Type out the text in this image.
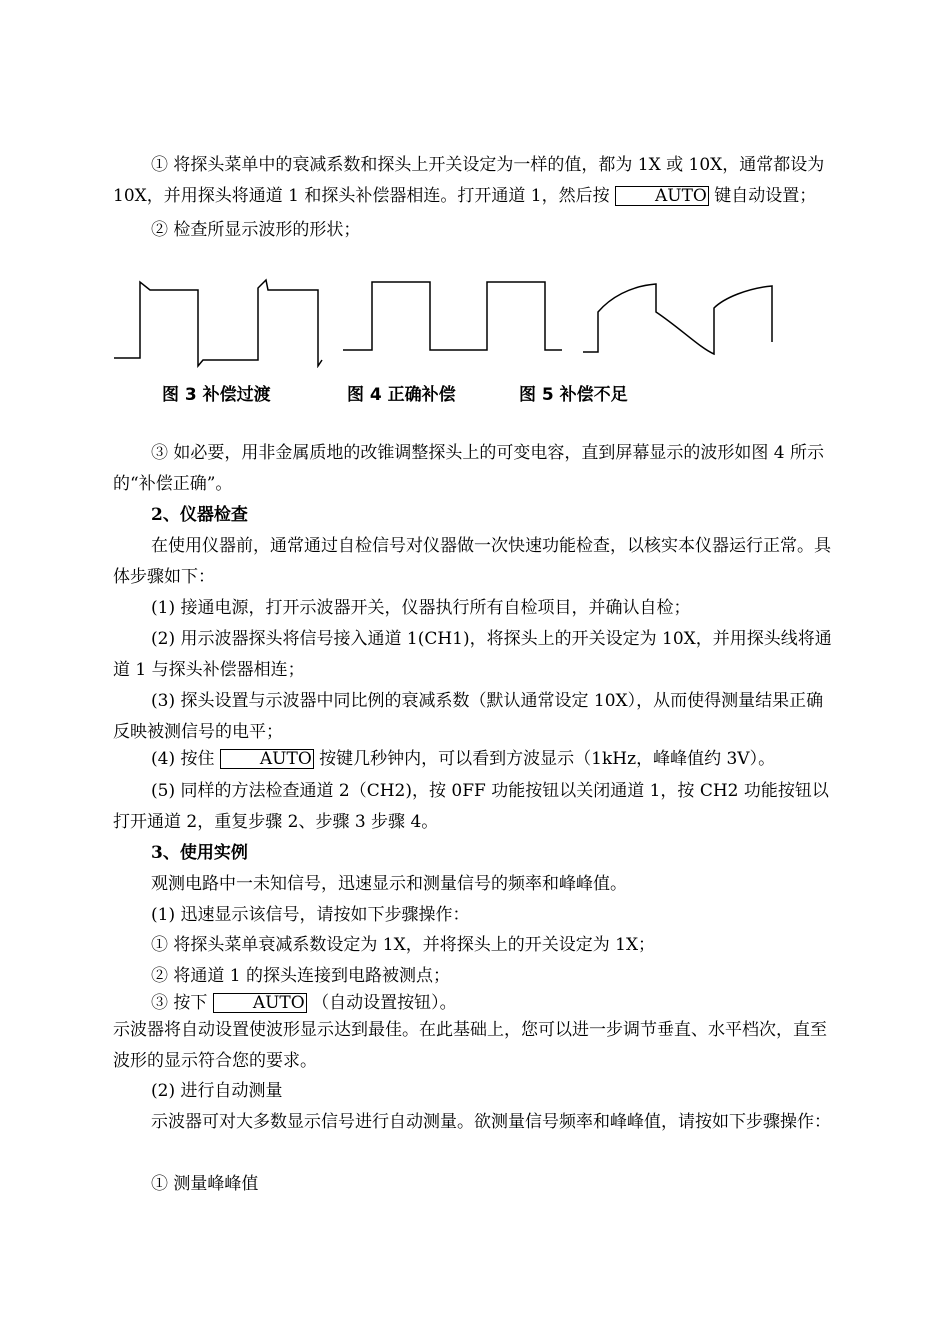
① 将探头菜单中的衰减系数和探头上开关设定为一样的值，都为 1X 或 10X，通常都设为 10X，并用探头将通道 1 和探头补偿器相连。打开通道 1，然后按 AUTO 键自动设置；

② 检查所显示波形的形状；

图 3 补偿过渡	图 4 正确补偿	图 5 补偿不足

③ 如必要，用非金属质地的改锥调整探头上的可变电容，直到屏幕显示的波形如图 4 所示的“补偿正确”。

2、仪器检查

在使用仪器前，通常通过自检信号对仪器做一次快速功能检查，以核实本仪器运行正常。具体步骤如下：

(1) 接通电源，打开示波器开关，仪器执行所有自检项目，并确认自检；

(2) 用示波器探头将信号接入通道 1(CH1)，将探头上的开关设定为 10X，并用探头线将通道 1 与探头补偿器相连；

(3) 探头设置与示波器中同比例的衰减系数（默认通常设定 10X），从而使得测量结果正确反映被测信号的电平；

(4) 按住 AUTO 按键几秒钟内，可以看到方波显示（1kHz，峰峰值约 3V）。

(5) 同样的方法检查通道 2（CH2)，按 0FF 功能按钮以关闭通道 1，按 CH2 功能按钮以打开通道 2，重复步骤 2、步骤 3 步骤 4。

3、使用实例

观测电路中一未知信号，迅速显示和测量信号的频率和峰峰值。

(1) 迅速显示该信号，请按如下步骤操作：

① 将探头菜单衰减系数设定为 1X，并将探头上的开关设定为 1X；

② 将通道 1 的探头连接到电路被测点；

③ 按下 AUTO （自动设置按钮）。

示波器将自动设置使波形显示达到最佳。在此基础上，您可以进一步调节垂直、水平档次，直至波形的显示符合您的要求。

(2) 进行自动测量

示波器可对大多数显示信号进行自动测量。欲测量信号频率和峰峰值，请按如下步骤操作：

① 测量峰峰值
